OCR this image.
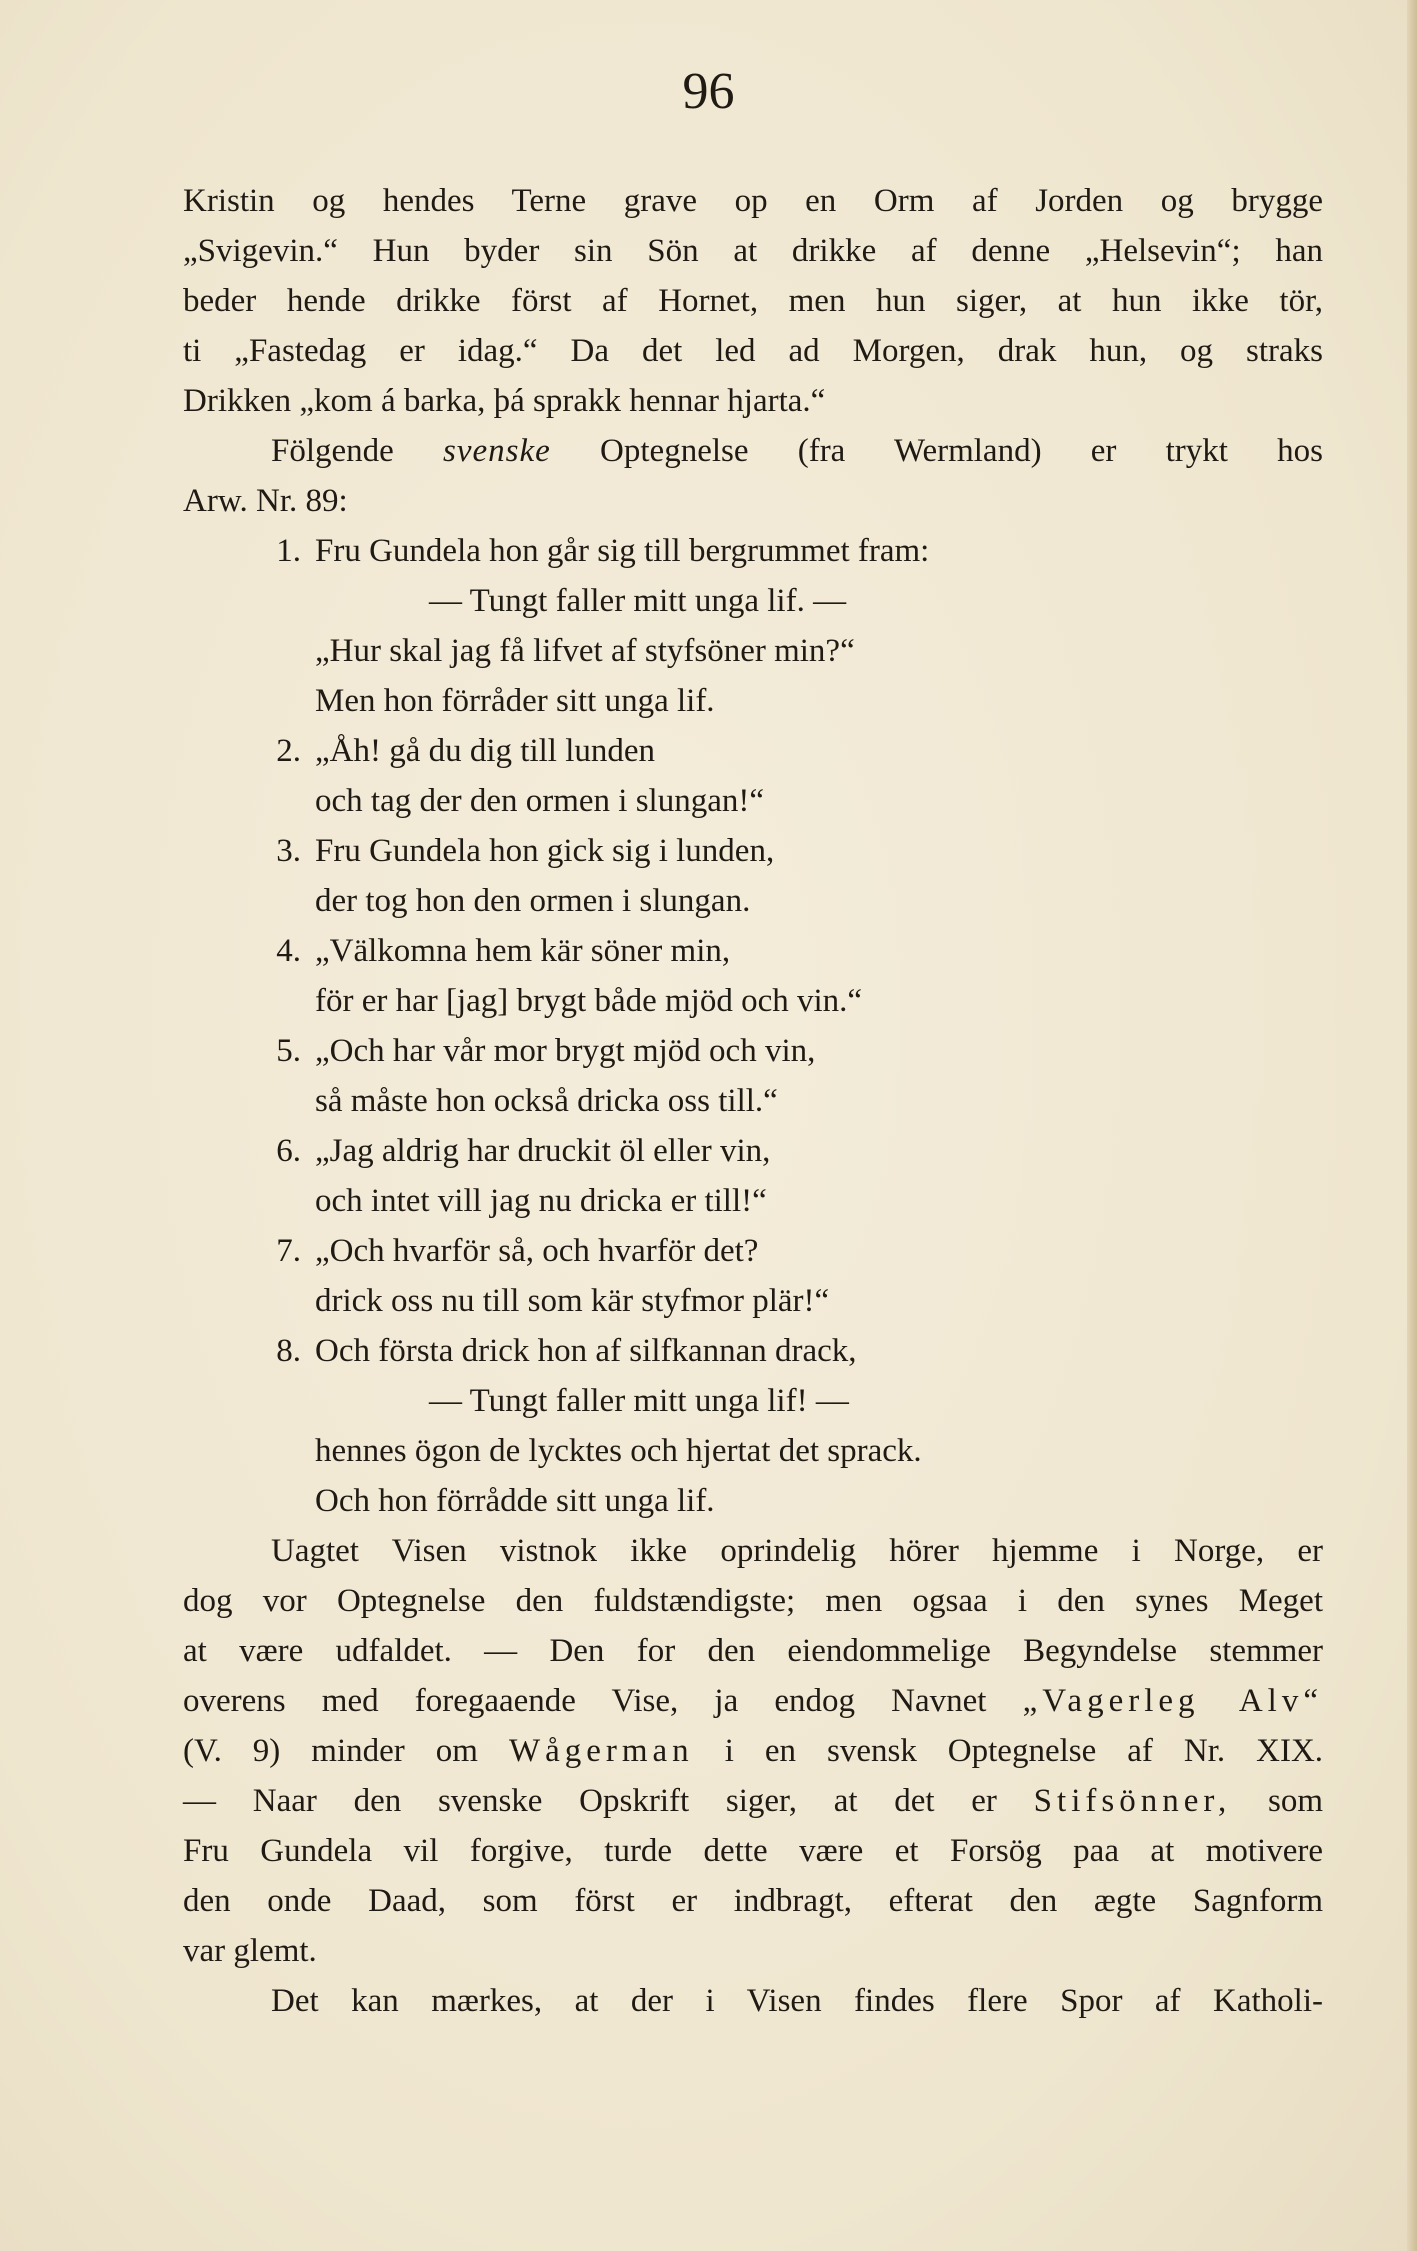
96
Kristin og hendes Terne grave op en Orm af Jorden og brygge
„Svigevin.“ Hun byder sin Sön at drikke af denne „Helsevin“; han
beder hende drikke först af Hornet, men hun siger, at hun ikke tör,
ti „Fastedag er idag.“ Da det led ad Morgen, drak hun, og straks
Drikken „kom á barka, þá sprakk hennar hjarta.“
Fölgende svenske Optegnelse (fra Wermland) er trykt hos
Arw. Nr. 89:
1. Fru Gundela hon går sig till bergrummet fram:
— Tungt faller mitt unga lif. —
„Hur skal jag få lifvet af styfsöner min?“
Men hon förråder sitt unga lif.
2. „Åh! gå du dig till lunden
och tag der den ormen i slungan!“
3. Fru Gundela hon gick sig i lunden,
der tog hon den ormen i slungan.
4. „Välkomna hem kär söner min,
för er har [jag] brygt både mjöd och vin.“
5. „Och har vår mor brygt mjöd och vin,
så måste hon också dricka oss till.“
6. „Jag aldrig har druckit öl eller vin,
och intet vill jag nu dricka er till!“
7. „Och hvarför så, och hvarför det?
drick oss nu till som kär styfmor plär!“
8. Och första drick hon af silfkannan drack,
— Tungt faller mitt unga lif! —
hennes ögon de lycktes och hjertat det sprack.
Och hon förrådde sitt unga lif.
Uagtet Visen vistnok ikke oprindelig hörer hjemme i Norge, er
dog vor Optegnelse den fuldstændigste; men ogsaa i den synes Meget
at være udfaldet. — Den for den eiendommelige Begyndelse stemmer
overens med foregaaende Vise, ja endog Navnet „Vagerleg Alv“
(V. 9) minder om Wågerman i en svensk Optegnelse af Nr. XIX.
— Naar den svenske Opskrift siger, at det er Stifsönner, som
Fru Gundela vil forgive, turde dette være et Forsög paa at motivere
den onde Daad, som först er indbragt, efterat den ægte Sagnform
var glemt.
Det kan mærkes, at der i Visen findes flere Spor af Katholi-
